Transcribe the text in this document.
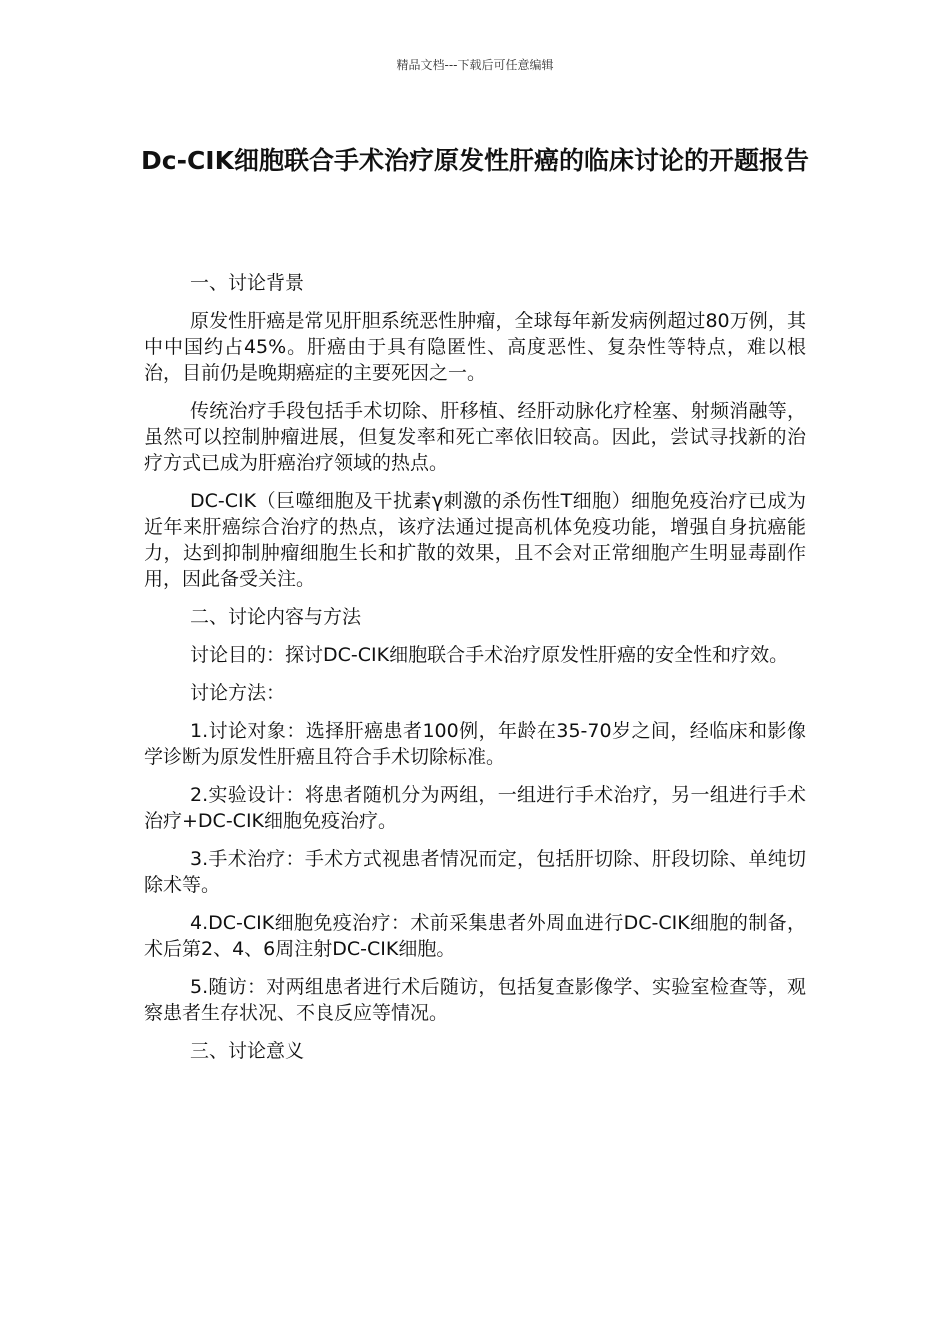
精品文档---下载后可任意编辑
Dc-CIK细胞联合手术治疗原发性肝癌的临床讨论的开题报告

一、讨论背景

原发性肝癌是常见肝胆系统恶性肿瘤，全球每年新发病例超过80万例，其中中国约占45%。肝癌由于具有隐匿性、高度恶性、复杂性等特点，难以根治，目前仍是晚期癌症的主要死因之一。

传统治疗手段包括手术切除、肝移植、经肝动脉化疗栓塞、射频消融等，虽然可以控制肿瘤进展，但复发率和死亡率依旧较高。因此，尝试寻找新的治疗方式已成为肝癌治疗领域的热点。

DC-CIK（巨噬细胞及干扰素γ刺激的杀伤性T细胞）细胞免疫治疗已成为近年来肝癌综合治疗的热点，该疗法通过提高机体免疫功能，增强自身抗癌能力，达到抑制肿瘤细胞生长和扩散的效果，且不会对正常细胞产生明显毒副作用，因此备受关注。

二、讨论内容与方法

讨论目的：探讨DC-CIK细胞联合手术治疗原发性肝癌的安全性和疗效。

讨论方法：

1.讨论对象：选择肝癌患者100例，年龄在35-70岁之间，经临床和影像学诊断为原发性肝癌且符合手术切除标准。

2.实验设计：将患者随机分为两组，一组进行手术治疗，另一组进行手术治疗+DC-CIK细胞免疫治疗。

3.手术治疗：手术方式视患者情况而定，包括肝切除、肝段切除、单纯切除术等。

4.DC-CIK细胞免疫治疗：术前采集患者外周血进行DC-CIK细胞的制备，术后第2、4、6周注射DC-CIK细胞。

5.随访：对两组患者进行术后随访，包括复查影像学、实验室检查等，观察患者生存状况、不良反应等情况。

三、讨论意义
